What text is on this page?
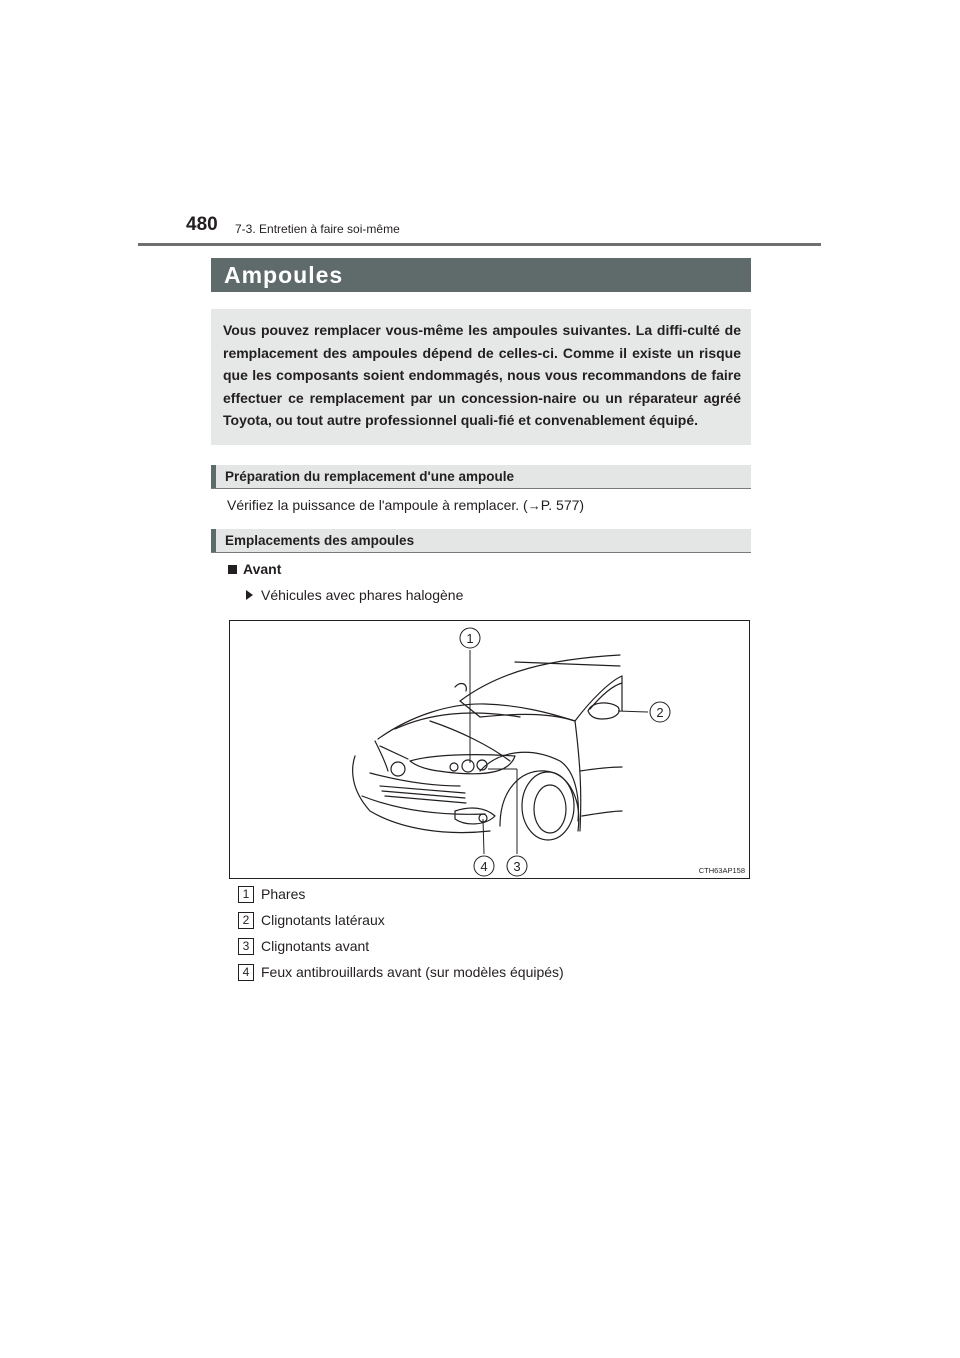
480 7-3. Entretien à faire soi-même
Ampoules

Vous pouvez remplacer vous-même les ampoules suivantes. La diffi-culté de remplacement des ampoules dépend de celles-ci. Comme il existe un risque que les composants soient endommagés, nous vous recommandons de faire effectuer ce remplacement par un concession-naire ou un réparateur agréé Toyota, ou tout autre professionnel quali-fié et convenablement équipé.

Préparation du remplacement d'une ampoule
Vérifiez la puissance de l'ampoule à remplacer. (→P. 577)
Emplacements des ampoules
Avant
Véhicules avec phares halogène
1
2
3
4	CTH63AP158
1 Phares
2 Clignotants latéraux
3 Clignotants avant
4 Feux antibrouillards avant (sur modèles équipés)
